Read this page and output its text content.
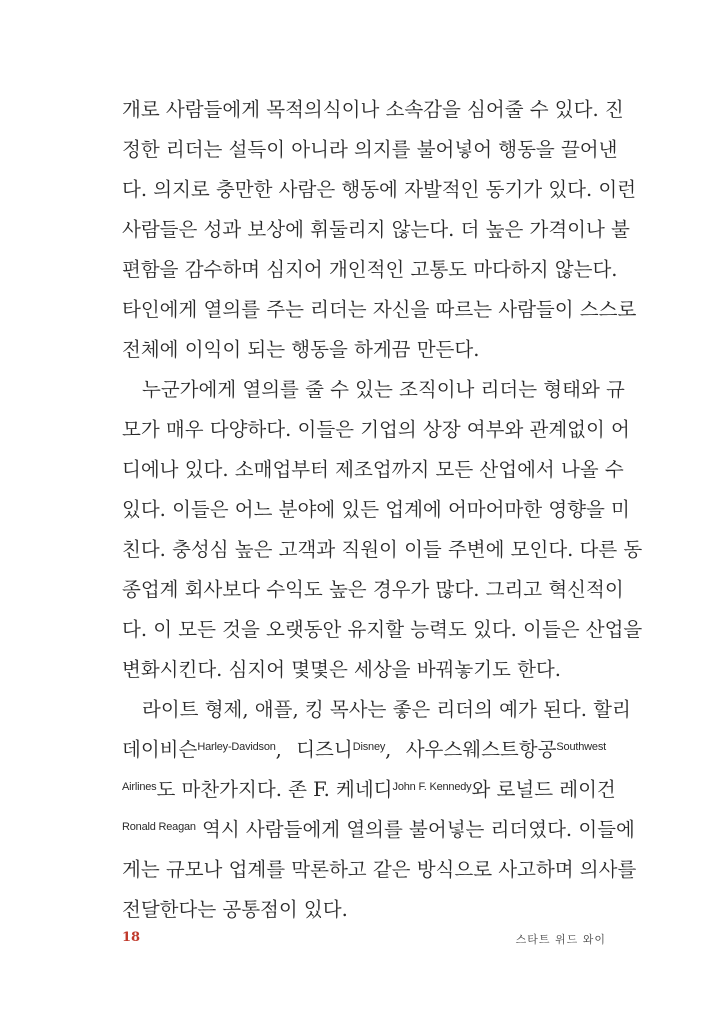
개로 사람들에게 목적의식이나 소속감을 심어줄 수 있다. 진
정한 리더는 설득이 아니라 의지를 불어넣어 행동을 끌어낸
다. 의지로 충만한 사람은 행동에 자발적인 동기가 있다. 이런
사람들은 성과 보상에 휘둘리지 않는다. 더 높은 가격이나 불
편함을 감수하며 심지어 개인적인 고통도 마다하지 않는다.
타인에게 열의를 주는 리더는 자신을 따르는 사람들이 스스로
전체에 이익이 되는 행동을 하게끔 만든다.
누군가에게 열의를 줄 수 있는 조직이나 리더는 형태와 규
모가 매우 다양하다. 이들은 기업의 상장 여부와 관계없이 어
디에나 있다. 소매업부터 제조업까지 모든 산업에서 나올 수
있다. 이들은 어느 분야에 있든 업계에 어마어마한 영향을 미
친다. 충성심 높은 고객과 직원이 이들 주변에 모인다. 다른 동
종업계 회사보다 수익도 높은 경우가 많다. 그리고 혁신적이
다. 이 모든 것을 오랫동안 유지할 능력도 있다. 이들은 산업을
변화시킨다. 심지어 몇몇은 세상을 바꿔놓기도 한다.
라이트 형제, 애플, 킹 목사는 좋은 리더의 예가 된다. 할리
데이비슨$^{Harley-Davidson}$, 디즈니$^{Disney}$, 사우스웨스트항공$^{Southwest}$
$^{Airlines}$도 마찬가지다. 존 F. 케네디$^{John F. Kennedy}$와 로널드 레이건
$^{Ronald Reagan}$ 역시 사람들에게 열의를 불어넣는 리더였다. 이들에
게는 규모나 업계를 막론하고 같은 방식으로 사고하며 의사를
전달한다는 공통점이 있다.
18	스타트 위드 와이
